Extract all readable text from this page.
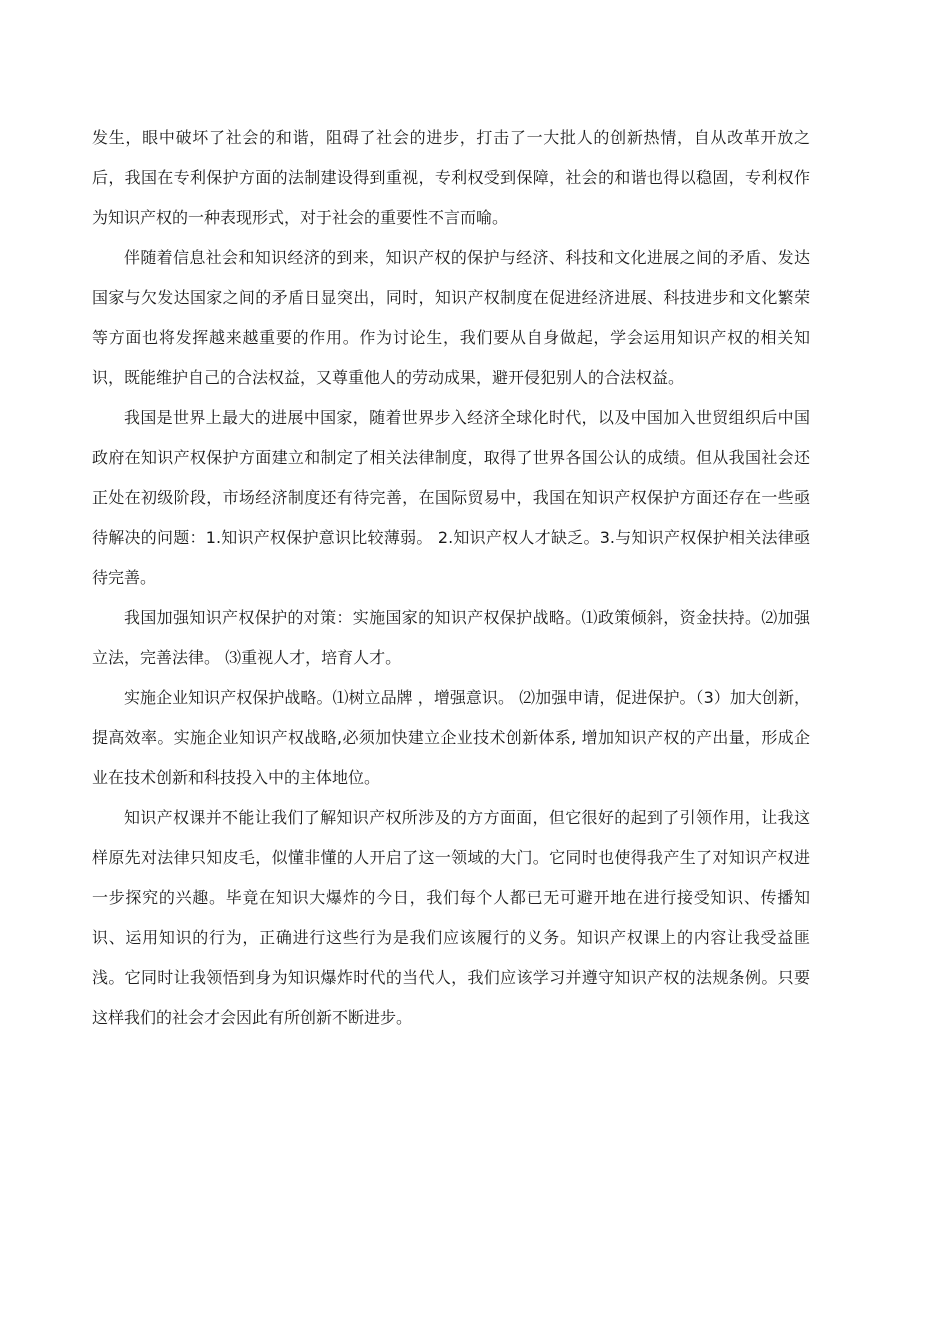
发生，眼中破坏了社会的和谐，阻碍了社会的进步，打击了一大批人的创新热情，自从改革开放之后，我国在专利保护方面的法制建设得到重视，专利权受到保障，社会的和谐也得以稳固，专利权作为知识产权的一种表现形式，对于社会的重要性不言而喻。

伴随着信息社会和知识经济的到来，知识产权的保护与经济、科技和文化进展之间的矛盾、发达国家与欠发达国家之间的矛盾日显突出，同时，知识产权制度在促进经济进展、科技进步和文化繁荣等方面也将发挥越来越重要的作用。作为讨论生，我们要从自身做起，学会运用知识产权的相关知识，既能维护自己的合法权益，又尊重他人的劳动成果，避开侵犯别人的合法权益。

我国是世界上最大的进展中国家，随着世界步入经济全球化时代，以及中国加入世贸组织后中国政府在知识产权保护方面建立和制定了相关法律制度，取得了世界各国公认的成绩。但从我国社会还正处在初级阶段，市场经济制度还有待完善，在国际贸易中，我国在知识产权保护方面还存在一些亟待解决的问题：1.知识产权保护意识比较薄弱。 2.知识产权人才缺乏。3.与知识产权保护相关法律亟待完善。

我国加强知识产权保护的对策：实施国家的知识产权保护战略。⑴政策倾斜，资金扶持。⑵加强立法，完善法律。 ⑶重视人才，培育人才。

实施企业知识产权保护战略。⑴树立品牌 ，增强意识。 ⑵加强申请，促进保护。（3）加大创新，提高效率。实施企业知识产权战略,必须加快建立企业技术创新体系, 增加知识产权的产出量，形成企业在技术创新和科技投入中的主体地位。

知识产权课并不能让我们了解知识产权所涉及的方方面面，但它很好的起到了引领作用，让我这样原先对法律只知皮毛，似懂非懂的人开启了这一领域的大门。它同时也使得我产生了对知识产权进一步探究的兴趣。毕竟在知识大爆炸的今日，我们每个人都已无可避开地在进行接受知识、传播知识、运用知识的行为，正确进行这些行为是我们应该履行的义务。知识产权课上的内容让我受益匪浅。它同时让我领悟到身为知识爆炸时代的当代人，我们应该学习并遵守知识产权的法规条例。只要这样我们的社会才会因此有所创新不断进步。
